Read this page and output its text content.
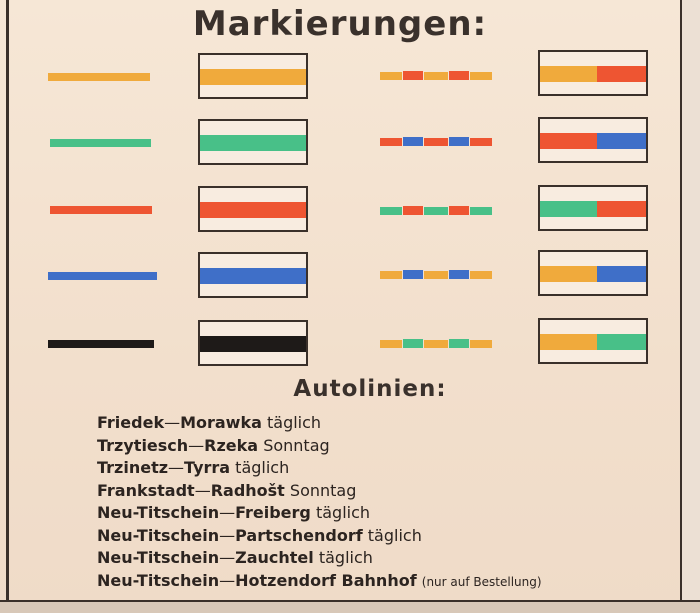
Markierungen:
Autolinien:
Friedek—Morawka täglich
Trzytiesch—Rzeka Sonntag
Trzinetz—Tyrra täglich
Frankstadt—Radhošt Sonntag
Neu-Titschein—Freiberg täglich
Neu-Titschein—Partschendorf täglich
Neu-Titschein—Zauchtel täglich
Neu-Titschein—Hotzendorf Bahnhof (nur auf Bestellung)
